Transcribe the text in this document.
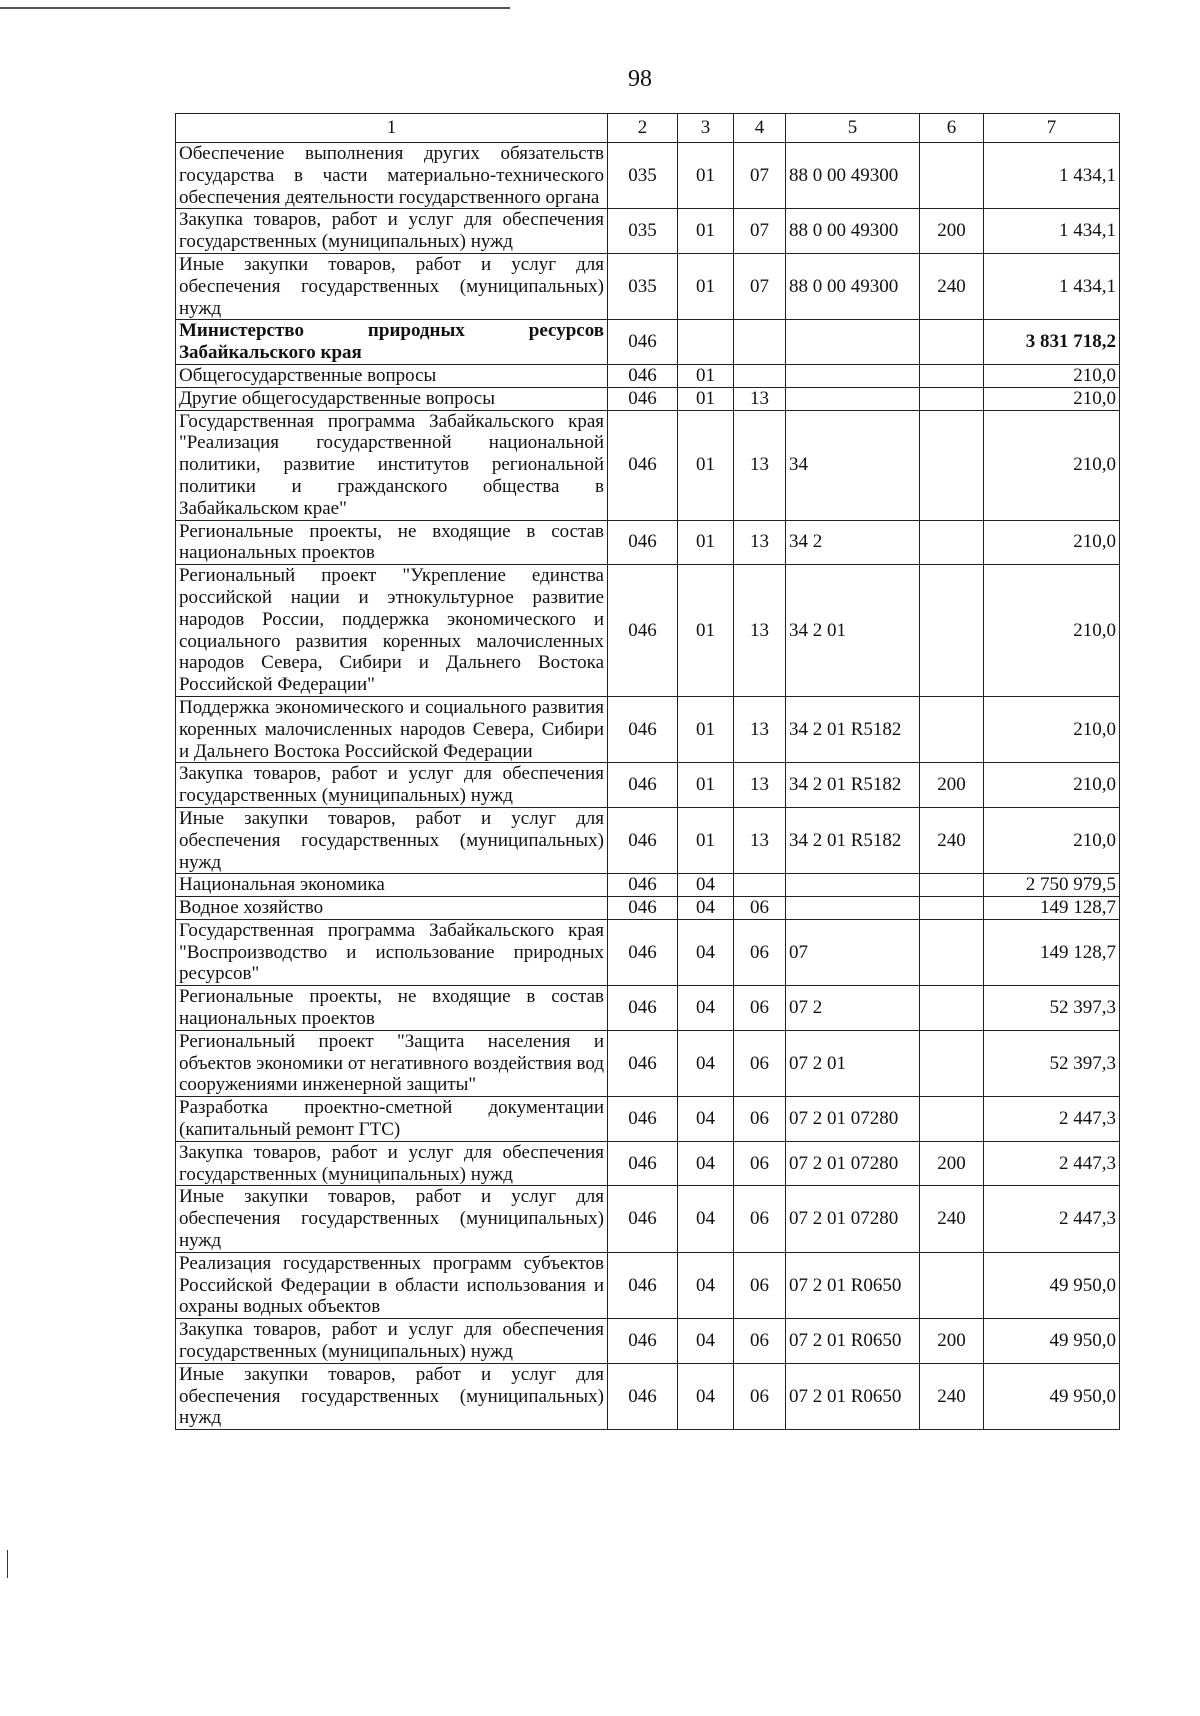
98
1	2	3	4	5	6	7
Обеспечение выполнения других обязательств государства в части материально-технического обеспечения деятельности государственного органа	035	01	07	88 0 00 49300		1 434,1
Закупка товаров, работ и услуг для обеспечения государственных (муниципальных) нужд	035	01	07	88 0 00 49300	200	1 434,1
Иные закупки товаров, работ и услуг для обеспечения государственных (муниципальных) нужд	035	01	07	88 0 00 49300	240	1 434,1
Министерство природных ресурсов Забайкальского края	046					3 831 718,2
Общегосударственные вопросы	046	01				210,0
Другие общегосударственные вопросы	046	01	13			210,0
Государственная программа Забайкальского края "Реализация государственной национальной политики, развитие институтов региональной политики и гражданского общества в Забайкальском крае"	046	01	13	34		210,0
Региональные проекты, не входящие в состав национальных проектов	046	01	13	34 2		210,0
Региональный проект "Укрепление единства российской нации и этнокультурное развитие народов России, поддержка экономического и социального развития коренных малочисленных народов Севера, Сибири и Дальнего Востока Российской Федерации"	046	01	13	34 2 01		210,0
Поддержка экономического и социального развития коренных малочисленных народов Севера, Сибири и Дальнего Востока Российской Федерации	046	01	13	34 2 01 R5182		210,0
Закупка товаров, работ и услуг для обеспечения государственных (муниципальных) нужд	046	01	13	34 2 01 R5182	200	210,0
Иные закупки товаров, работ и услуг для обеспечения государственных (муниципальных) нужд	046	01	13	34 2 01 R5182	240	210,0
Национальная экономика	046	04				2 750 979,5
Водное хозяйство	046	04	06			149 128,7
Государственная программа Забайкальского края "Воспроизводство и использование природных ресурсов"	046	04	06	07		149 128,7
Региональные проекты, не входящие в состав национальных проектов	046	04	06	07 2		52 397,3
Региональный проект "Защита населения и объектов экономики от негативного воздействия вод сооружениями инженерной защиты"	046	04	06	07 2 01		52 397,3
Разработка проектно-сметной документации (капитальный ремонт ГТС)	046	04	06	07 2 01 07280		2 447,3
Закупка товаров, работ и услуг для обеспечения государственных (муниципальных) нужд	046	04	06	07 2 01 07280	200	2 447,3
Иные закупки товаров, работ и услуг для обеспечения государственных (муниципальных) нужд	046	04	06	07 2 01 07280	240	2 447,3
Реализация государственных программ субъектов Российской Федерации в области использования и охраны водных объектов	046	04	06	07 2 01 R0650		49 950,0
Закупка товаров, работ и услуг для обеспечения государственных (муниципальных) нужд	046	04	06	07 2 01 R0650	200	49 950,0
Иные закупки товаров, работ и услуг для обеспечения государственных (муниципальных) нужд	046	04	06	07 2 01 R0650	240	49 950,0
